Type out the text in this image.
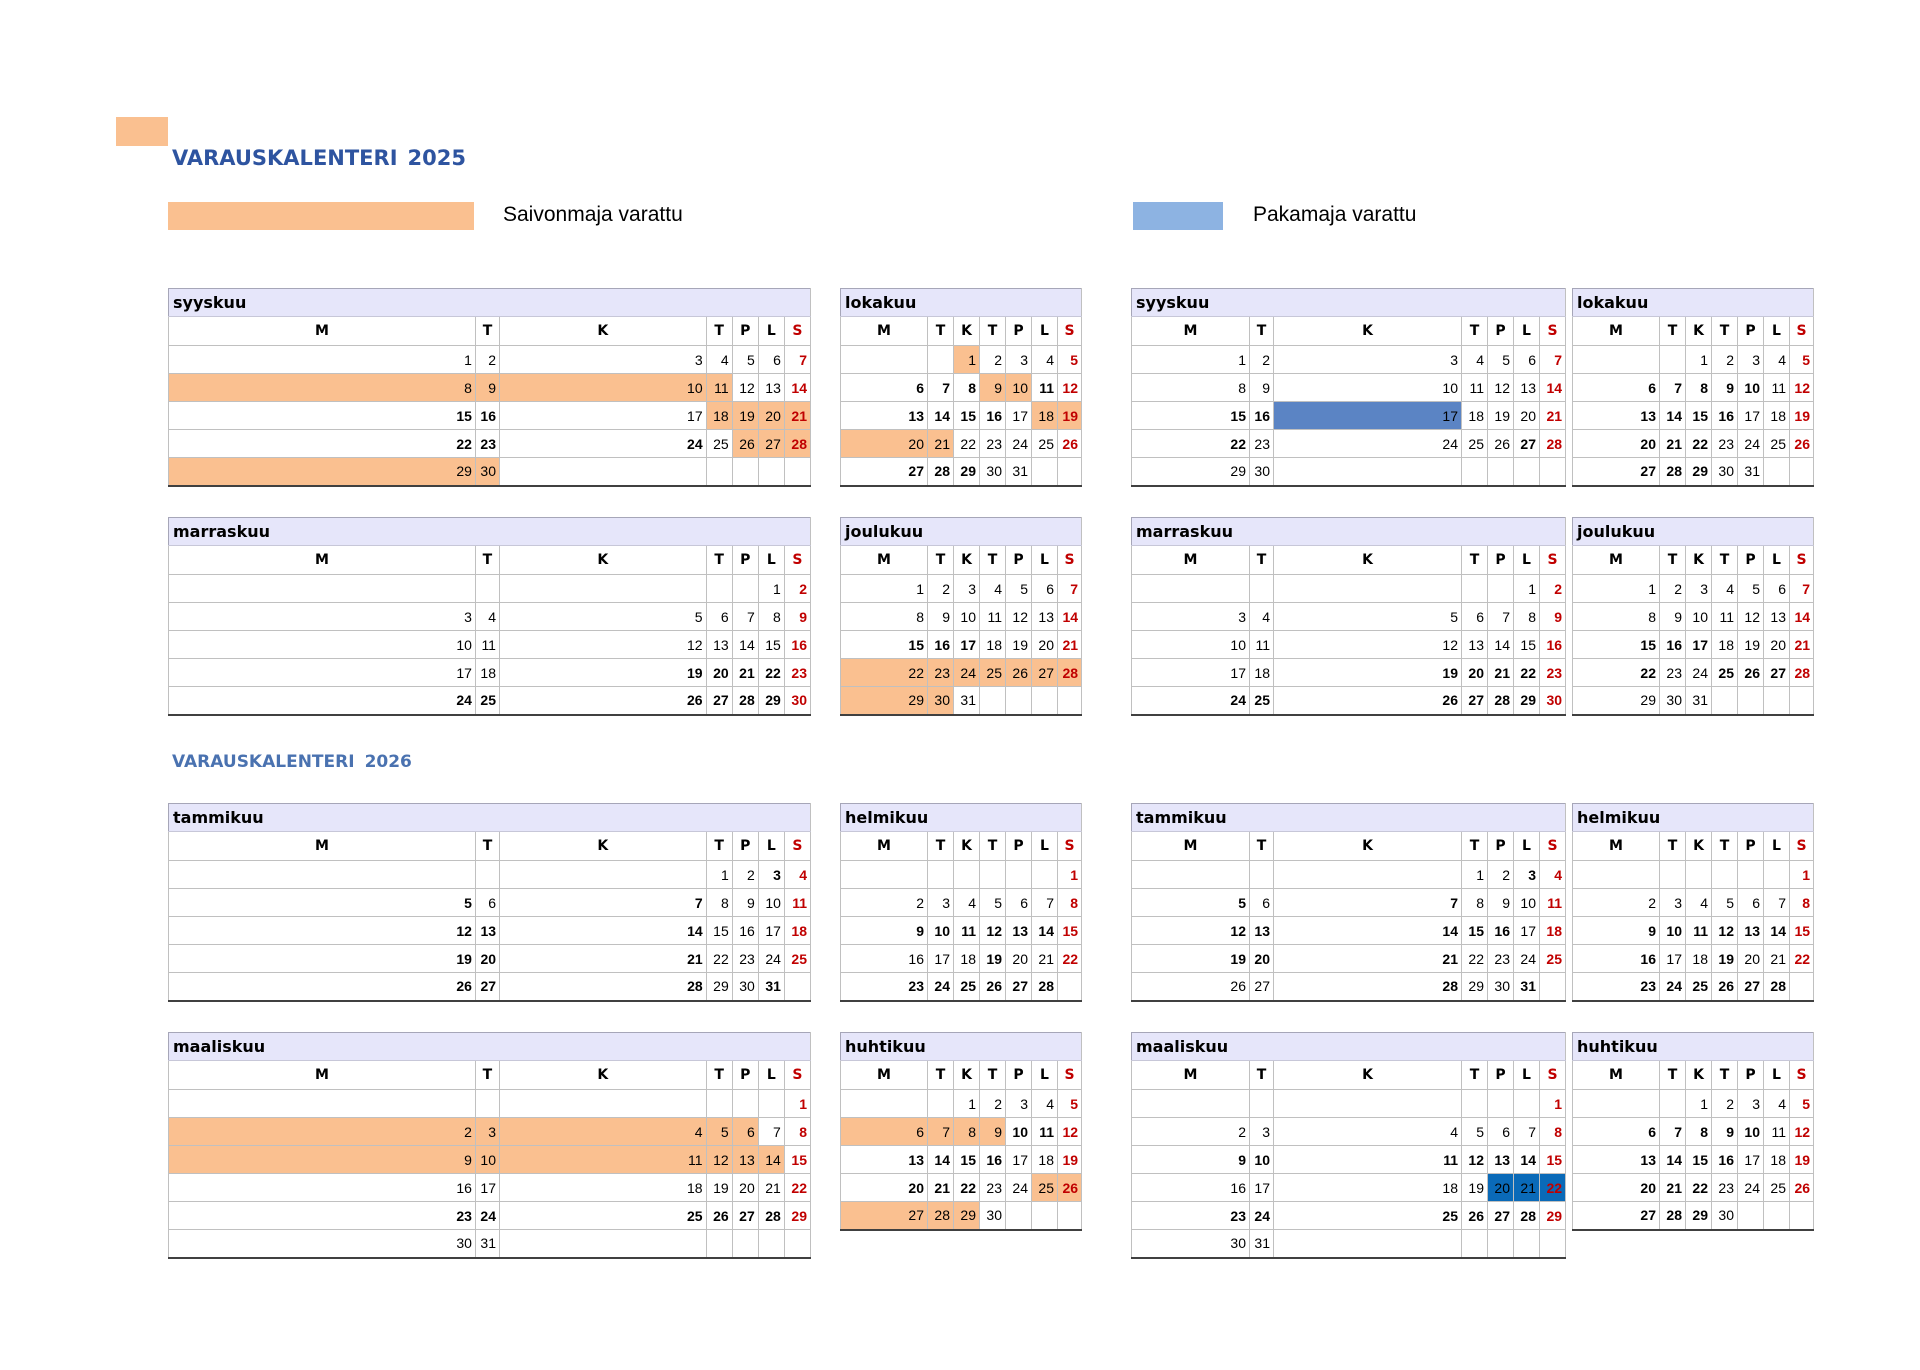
VARAUSKALENTERI 2025
Saivonmaja varattu	Pakamaja varattu
VARAUSKALENTERI 2026
syyskuu						
M	T	K	T	P	L	S
1	2	3	4	5	6	7
8	9	10	11	12	13	14
15	16	17	18	19	20	21
22	23	24	25	26	27	28
29	30					
lokakuu						
M	T	K	T	P	L	S
		1	2	3	4	5
6	7	8	9	10	11	12
13	14	15	16	17	18	19
20	21	22	23	24	25	26
27	28	29	30	31		
syyskuu						
M	T	K	T	P	L	S
1	2	3	4	5	6	7
8	9	10	11	12	13	14
15	16	17	18	19	20	21
22	23	24	25	26	27	28
29	30					
lokakuu						
M	T	K	T	P	L	S
		1	2	3	4	5
6	7	8	9	10	11	12
13	14	15	16	17	18	19
20	21	22	23	24	25	26
27	28	29	30	31		
marraskuu						
M	T	K	T	P	L	S
					1	2
3	4	5	6	7	8	9
10	11	12	13	14	15	16
17	18	19	20	21	22	23
24	25	26	27	28	29	30
joulukuu						
M	T	K	T	P	L	S
1	2	3	4	5	6	7
8	9	10	11	12	13	14
15	16	17	18	19	20	21
22	23	24	25	26	27	28
29	30	31				
marraskuu						
M	T	K	T	P	L	S
					1	2
3	4	5	6	7	8	9
10	11	12	13	14	15	16
17	18	19	20	21	22	23
24	25	26	27	28	29	30
joulukuu						
M	T	K	T	P	L	S
1	2	3	4	5	6	7
8	9	10	11	12	13	14
15	16	17	18	19	20	21
22	23	24	25	26	27	28
29	30	31				
tammikuu						
M	T	K	T	P	L	S
			1	2	3	4
5	6	7	8	9	10	11
12	13	14	15	16	17	18
19	20	21	22	23	24	25
26	27	28	29	30	31	
helmikuu						
M	T	K	T	P	L	S
						1
2	3	4	5	6	7	8
9	10	11	12	13	14	15
16	17	18	19	20	21	22
23	24	25	26	27	28	
tammikuu						
M	T	K	T	P	L	S
			1	2	3	4
5	6	7	8	9	10	11
12	13	14	15	16	17	18
19	20	21	22	23	24	25
26	27	28	29	30	31	
helmikuu						
M	T	K	T	P	L	S
						1
2	3	4	5	6	7	8
9	10	11	12	13	14	15
16	17	18	19	20	21	22
23	24	25	26	27	28	
maaliskuu						
M	T	K	T	P	L	S
						1
2	3	4	5	6	7	8
9	10	11	12	13	14	15
16	17	18	19	20	21	22
23	24	25	26	27	28	29
30	31					
huhtikuu						
M	T	K	T	P	L	S
		1	2	3	4	5
6	7	8	9	10	11	12
13	14	15	16	17	18	19
20	21	22	23	24	25	26
27	28	29	30			
maaliskuu						
M	T	K	T	P	L	S
						1
2	3	4	5	6	7	8
9	10	11	12	13	14	15
16	17	18	19	20	21	22
23	24	25	26	27	28	29
30	31					
huhtikuu						
M	T	K	T	P	L	S
		1	2	3	4	5
6	7	8	9	10	11	12
13	14	15	16	17	18	19
20	21	22	23	24	25	26
27	28	29	30			
